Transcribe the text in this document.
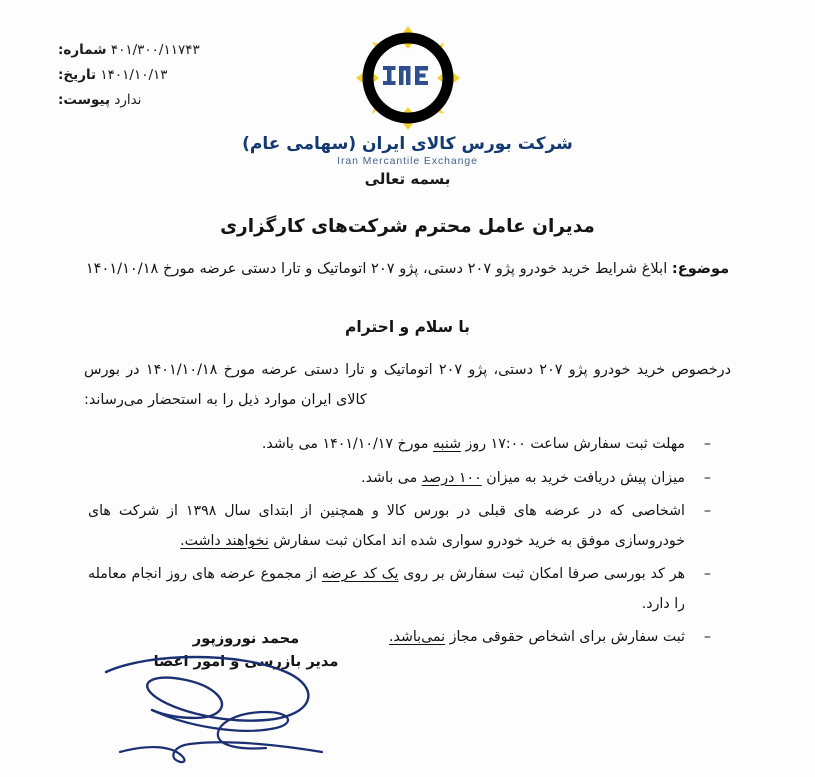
۴۰۱/۳۰۰/۱۱۷۴۳ شماره:
۱۴۰۱/۱۰/۱۳ تاریخ:
ندارد پیوست:
شرکت بورس کالای ایران (سهامی عام)
Iran Mercantile Exchange
بسمه تعالی
مدیران عامل محترم شرکت‌های کارگزاری
موضوع: ابلاغ شرایط خرید خودرو پژو ۲۰۷ دستی، پژو ۲۰۷ اتوماتیک و تارا دستی عرضه مورخ ۱۴۰۱/۱۰/۱۸
با سلام و احترام

درخصوص خرید خودرو پژو ۲۰۷ دستی، پژو ۲۰۷ اتوماتیک و تارا دستی عرضه مورخ ۱۴۰۱/۱۰/۱۸ در بورس کالای ایران موارد ذیل را به استحضار می‌رساند:

– مهلت ثبت سفارش ساعت ۱۷:۰۰ روز شنبه مورخ ۱۴۰۱/۱۰/۱۷ می باشد.
– میزان پیش دریافت خرید به میزان ۱۰۰ درصد می باشد.
– اشخاصی که در عرضه های قبلی در بورس کالا و همچنین از ابتدای سال ۱۳۹۸ از شرکت های خودروسازی موفق به خرید خودرو سواری شده اند امکان ثبت سفارش نخواهند داشت.
– هر کد بورسی صرفا امکان ثبت سفارش بر روی یک کد عرضه از مجموع عرضه های روز انجام معامله را دارد.
– ثبت سفارش برای اشخاص حقوقی مجاز نمی‌باشد.
محمد نوروزپور
مدیر بازرسی و امور اعضا
